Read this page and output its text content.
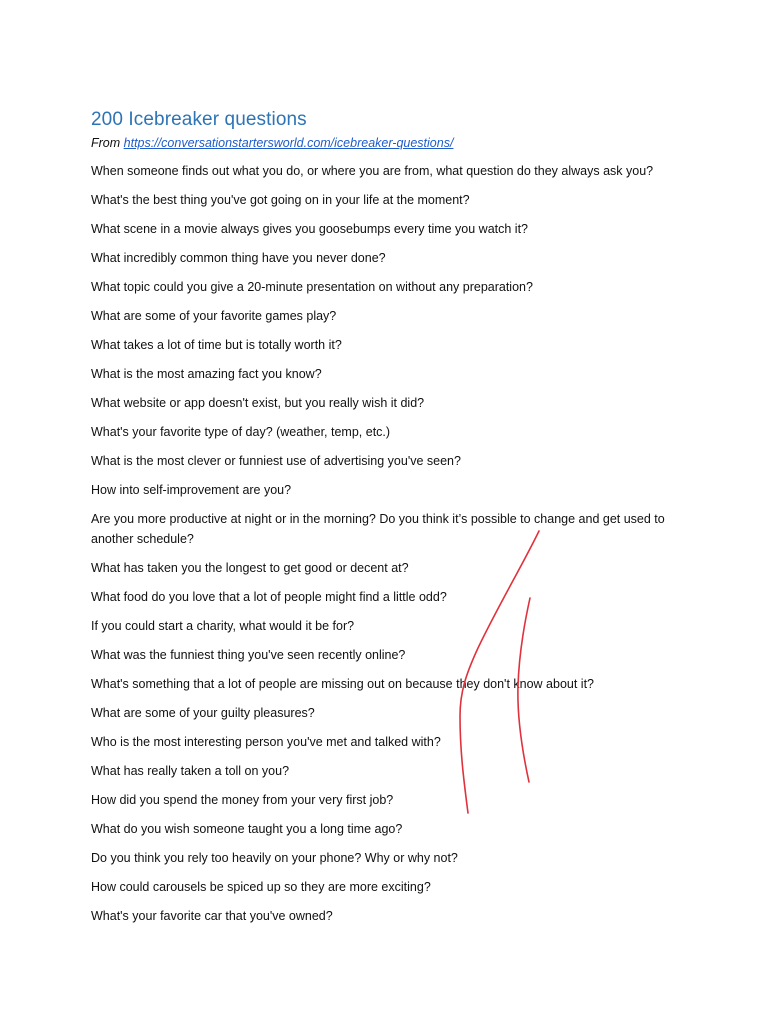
200 Icebreaker questions
From https://conversationstartersworld.com/icebreaker-questions/
When someone finds out what you do, or where you are from, what question do they always ask you?
What's the best thing you've got going on in your life at the moment?
What scene in a movie always gives you goosebumps every time you watch it?
What incredibly common thing have you never done?
What topic could you give a 20-minute presentation on without any preparation?
What are some of your favorite games play?
What takes a lot of time but is totally worth it?
What is the most amazing fact you know?
What website or app doesn't exist, but you really wish it did?
What's your favorite type of day? (weather, temp, etc.)
What is the most clever or funniest use of advertising you've seen?
How into self-improvement are you?
Are you more productive at night or in the morning? Do you think it’s possible to change and get used to another schedule?
What has taken you the longest to get good or decent at?
What food do you love that a lot of people might find a little odd?
If you could start a charity, what would it be for?
What was the funniest thing you've seen recently online?
What's something that a lot of people are missing out on because they don't know about it?
What are some of your guilty pleasures?
Who is the most interesting person you've met and talked with?
What has really taken a toll on you?
How did you spend the money from your very first job?
What do you wish someone taught you a long time ago?
Do you think you rely too heavily on your phone? Why or why not?
How could carousels be spiced up so they are more exciting?
What's your favorite car that you've owned?
